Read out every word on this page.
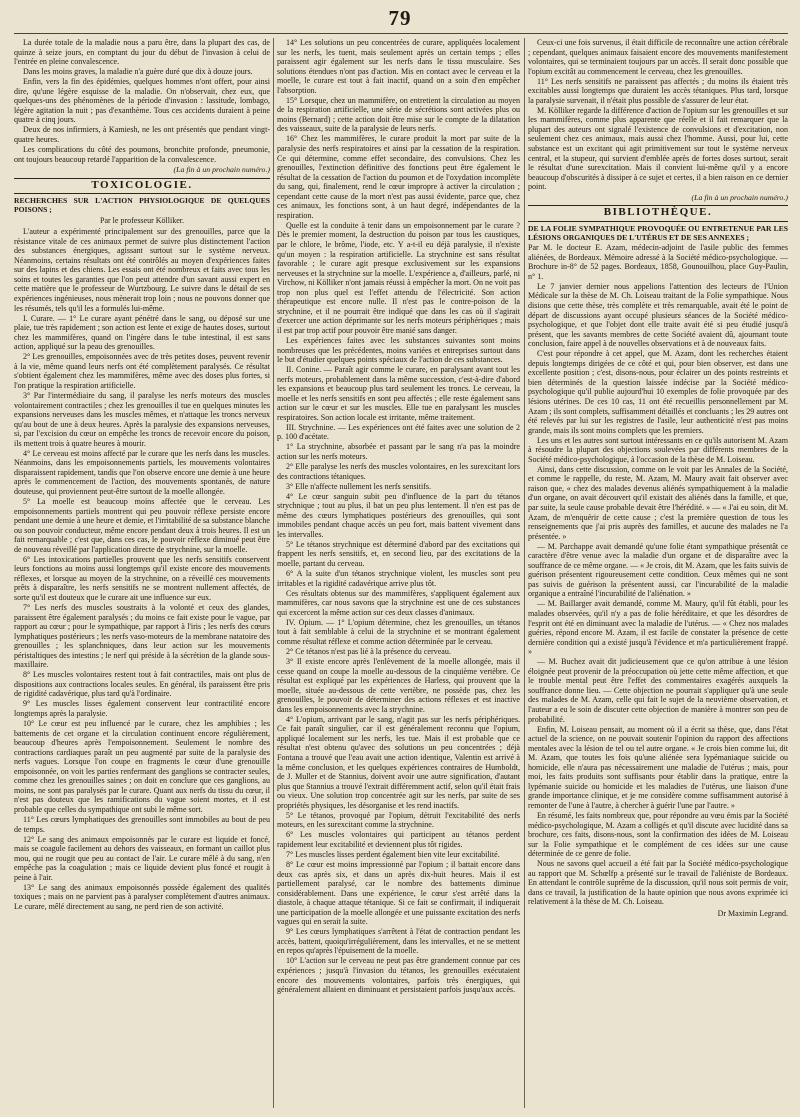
79

La durée totale de la maladie nous a paru être, dans la plupart des cas, de quinze à seize jours, en comptant du jour du début de l'invasion à celui de l'entrée en pleine convalescence.

Dans les moins graves, la maladie n'a guère duré que dix à douze jours.

Enfin, vers la fin des épidémies, quelques hommes n'ont offert, pour ainsi dire, qu'une légère esquisse de la maladie. On n'observait, chez eux, que quelques-uns des phénomènes de la période d'invasion : lassitude, lombago, légère agitation la nuit ; pas d'exanthème. Tous ces accidents duraient à peine quatre à cinq jours.

Deux de nos infirmiers, à Kamiesh, ne les ont présentés que pendant vingt-quatre heures.

Les complications du côté des poumons, bronchite profonde, pneumonie, ont toujours beaucoup retardé l'apparition de la convalescence.

(La fin à un prochain numéro.)
TOXICOLOGIE.
RECHERCHES SUR L'ACTION PHYSIOLOGIQUE DE QUELQUES POISONS ;
Par le professeur Kölliker.

L'auteur a expérimenté principalement sur des grenouilles, parce que la résistance vitale de ces animaux permet de suivre plus distinctement l'action des substances énergiques, agissant surtout sur le système nerveux. Néanmoins, certains résultats ont été contrôlés au moyen d'expériences faites sur des lapins et des chiens. Les essais ont été nombreux et faits avec tous les soins et toutes les garanties que l'on peut attendre d'un savant aussi expert en cette matière que le professeur de Wurtzbourg. Le suivre dans le détail de ses expériences ingénieuses, nous mènerait trop loin ; nous ne pouvons donner que les résumés, tels qu'il les a formulés lui-même.

I. Curare. — 1° Le curare ayant pénétré dans le sang, ou déposé sur une plaie, tue très rapidement ; son action est lente et exige de hautes doses, surtout chez les mammifères, quand on l'ingère dans le tube intestinal, il est sans action, appliqué sur la peau des grenouilles.

2° Les grenouilles, empoisonnées avec de très petites doses, peuvent revenir à la vie, même quand leurs nerfs ont été complètement paralysés. Ce résultat s'obtient également chez les mammifères, même avec des doses plus fortes, si l'on pratique la respiration artificielle.

3° Par l'intermédiaire du sang, il paralyse les nerfs moteurs des muscles volontairement contractiles ; chez les grenouilles il tue en quelques minutes les expansions nerveuses dans les muscles mêmes, et n'attaque les troncs nerveux qu'au bout de une à deux heures. Après la paralysie des expansions nerveuses, si, par l'excision du cœur on empêche les troncs de recevoir encore du poison, ils mettent trois à quatre heures à mourir.

4° Le cerveau est moins affecté par le curare que les nerfs dans les muscles. Néanmoins, dans les empoisonnements partiels, les mouvements volontaires disparaissent rapidement, tandis que l'on observe encore une demie à une heure après le commencement de l'action, des mouvements spontanés, de nature douteuse, qui proviennent peut-être surtout de la moelle allongée.

5° La moelle est beaucoup moins affectée que le cerveau. Les empoisonnements partiels montrent qui peu pouvoir réflexe persiste encore pendant une demie à une heure et demie, et l'irritabilité de sa substance blanche ou son pouvoir conducteur, même encore pendant deux à trois heures. Il est un fait remarquable ; c'est que, dans ces cas, le pouvoir réflexe diminué peut être de nouveau réveillé par l'application directe de strychnine, sur la moelle.

6° Les intoxications partielles prouvent que les nerfs sensitifs conservent leurs fonctions au moins aussi longtemps qu'il existe encore des mouvements réflexes, et lorsque au moyen de la strychnine, on a réveillé ces mouvements prêts à disparaître, les nerfs sensitifs ne se montrent nullement affectés, de sorte qu'il est douteux que le curare ait une influence sur eux.

7° Les nerfs des muscles soustraits à la volonté et ceux des glandes, paraissent être également paralysés ; du moins ce fait existe pour le vague, par rapport au cœur ; pour le sympathique, par rapport à l'iris ; les nerfs des cœurs lymphatiques postérieurs ; les nerfs vaso-moteurs de la membrane natatoire des grenouilles ; les splanchniques, dans leur action sur les mouvements péristaltiques des intestins ; le nerf qui préside à la sécrétion de la glande sous-maxillaire.

8° Les muscles volontaires restent tout à fait contractiles, mais ont plus de dispositions aux contractions locales seules. En général, ils paraissent être pris de rigidité cadavérique, plus tard qu'à l'ordinaire.

9° Les muscles lisses également conservent leur contractilité encore longtemps après la paralysie.

10° Le cœur est peu influencé par le curare, chez les amphibies ; les battements de cet organe et la circulation continuent encore régulièrement, beaucoup d'heures après l'empoisonnement. Seulement le nombre des contractions cardiaques paraît un peu augmenté par suite de la paralysie des nerfs vagues. Lorsque l'on coupe en fragments le cœur d'une grenouille empoisonnée, on voit les parties renfermant des ganglions se contracter seules, comme chez les grenouilles saines ; on doit en conclure que ces ganglions, au moins, ne sont pas paralysés par le curare. Quant aux nerfs du tissu du cœur, il n'est pas douteux que les ramifications du vague soient mortes, et il est probable que celles du sympathique ont subi le même sort.

11° Les cœurs lymphatiques des grenouilles sont immobiles au bout de peu de temps.

12° Le sang des animaux empoisonnés par le curare est liquide et foncé, mais se coagule facilement au dehors des vaisseaux, en formant un caillot plus mou, qui ne rougit que peu au contact de l'air. Le curare mêlé à du sang, n'en empêche pas la coagulation ; mais ce liquide devient plus foncé et rougit à peine à l'air.

13° Le sang des animaux empoisonnés possède également des qualités toxiques ; mais on ne parvient pas à paralyser complètement d'autres animaux. Le curare, mêlé directement au sang, ne perd rien de son activité.

14° Les solutions un peu concentrées de curare, appliquées localement sur les nerfs, les tuent, mais seulement après un certain temps ; elles paraissent agir également sur les nerfs dans le tissu musculaire. Ses solutions étendues n'ont pas d'action. Mis en contact avec le cerveau et la moelle, le curare est tout à fait inactif, quand on a soin d'en empêcher l'absorption.

15° Lorsque, chez un mammifère, on entretient la circulation au moyen de la respiration artificielle, une série de sécrétions sont activées plus ou moins (Bernard) ; cette action doit être mise sur le compte de la dilatation des vaisseaux, suite de la paralysie de leurs nerfs.

16° Chez les mammifères, le curare produit la mort par suite de la paralysie des nerfs respiratoires et ainsi par la cessation de la respiration. Ce qui détermine, comme effet secondaire, des convulsions. Chez les grenouilles, l'extinction définitive des fonctions peut être également le résultat de la cessation de l'action du poumon et de l'oxydation incomplète du sang, qui, finalement, rend le cœur impropre à activer la circulation ; cependant cette cause de la mort n'est pas aussi évidente, parce que, chez ces animaux, les fonctions sont, à un haut degré, indépendantes de la respiration.

Quelle est la conduite à tenir dans un empoisonnement par le curare ? Dès le premier moment, la destruction du poison par tous les caustiques, par le chlore, le brôme, l'iode, etc. Y a-t-il eu déjà paralysie, il n'existe qu'un moyen : la respiration artificielle. La strychnine est sans résultat favorable ; le curare agit presque exclusivement sur les expansions nerveuses et la strychnine sur la moelle. L'expérience a, d'ailleurs, parlé, ni Virchow, ni Kölliker n'ont jamais réussi à empêcher la mort. On ne voit pas trop non plus quel est l'effet attendu de l'électricité. Son action thérapeutique est encore nulle. Il n'est pas le contre-poison de la strychnine, et il ne pourrait être indiqué que dans les cas où il s'agirait d'exercer une action déprimante sur les nerfs moteurs périphériques ; mais il est par trop actif pour pouvoir être manié sans danger.

Les expériences faites avec les substances suivantes sont moins nombreuses que les précédentes, moins variées et entreprises surtout dans le but d'étudier quelques points spéciaux de l'action de ces substances.

II. Conine. — Paraît agir comme le curare, en paralysant avant tout les nerfs moteurs, probablement dans la même succession, c'est-à-dire d'abord les expansions et beaucoup plus tard seulement les troncs. Le cerveau, la moelle et les nerfs sensitifs en sont peu affectés ; elle reste également sans action sur le cœur et sur les muscles. Elle tue en paralysant les muscles respiratoires. Son action locale est irritante, même traitement.

III. Strychnine. — Les expériences ont été faites avec une solution de 2 p. 100 d'acétate.

1° La strychnine, absorbée et passant par le sang n'a pas la moindre action sur les nerfs moteurs.

2° Elle paralyse les nerfs des muscles volontaires, en les surexcitant lors des contractions tétaniques.

3° Elle n'affecte nullement les nerfs sensitifs.

4° Le cœur sanguin subit peu d'influence de la part du tétanos strychnique ; tout au plus, il bat un peu plus lentement. Il n'en est pas de même des cœurs lymphatiques postérieurs des grenouilles, qui sont immobiles pendant chaque accès un peu fort, mais battent vivement dans les intervalles.

5° Le tétanos strychnique est déterminé d'abord par des excitations qui frappent les nerfs sensitifs, et, en second lieu, par des excitations de la moelle, partant du cerveau.

6° A la suite d'un tétanos strychnique violent, les muscles sont peu irritables et la rigidité cadavérique arrive plus tôt.

Ces résultats obtenus sur des mammifères, s'appliquent également aux mammifères, car nous savons que la strychnine est une de ces substances qui excercent la même action sur ces deux classes d'animaux.

IV. Opium. — 1° L'opium détermine, chez les grenouilles, un tétanos tout à fait semblable à celui de la strychnine et se montrant également comme résultat réflexe et comme action déterminée par le cerveau.

2° Ce tétanos n'est pas lié à la présence du cerveau.

3° Il existe encore après l'enlèvement de la moelle allongée, mais il cesse quand on coupe la moelle au-dessous de la cinquième vertèbre. Ce résultat est expliqué par les expériences de Harless, qui prouvent que la moelle, située au-dessous de cette vertèbre, ne possède pas, chez les grenouilles, le pouvoir de déterminer des actions réflexes et est inactive dans les empoisonnements avec la strychnine.

4° L'opium, arrivant par le sang, n'agit pas sur les nerfs périphériques. Ce fait paraît singulier, car il est généralement reconnu que l'opium, appliqué localement sur les nerfs, les tue. Mais il est probable que ce résultat n'est obtenu qu'avec des solutions un peu concentrées ; déjà Fontana a trouvé que l'eau avait une action identique, Valentin est arrivé à la même conclusion, et les quelques expériences contraires de Humboldt, de J. Muller et de Stannius, doivent avoir une autre signification, d'autant plus que Stannius a trouvé l'extrait différemment actif, selon qu'il était frais ou vieux. Une solution trop concentrée agit sur les nerfs, par suite de ses propriétés physiques, les désorganise et les rend inactifs.

5° Le tétanos, provoqué par l'opium, détruit l'excitabilité des nerfs moteurs, en les surexcitant comme la strychnine.

6° Les muscles volontaires qui participent au tétanos perdent rapidement leur excitabilité et deviennent plus tôt rigides.

7° Les muscles lisses perdent également bien vite leur excitabilité.

8° Le cœur est moins impressionné par l'opium ; il battait encore dans deux cas après six, et dans un après dix-huit heures. Mais il est partiellement paralysé, car le nombre des battements diminue considérablement. Dans une expérience, le cœur s'est arrêté dans la diastole, à chaque attaque tétanique. Si ce fait se confirmait, il indiquerait une participation de la moelle allongée et une puissante excitation des nerfs vagues qui en serait la suite.

9° Les cœurs lymphatiques s'arrêtent à l'état de contraction pendant les accès, battent, quoiqu'irrégulièrement, dans les intervalles, et ne se mettent en repos qu'après l'épuisement de la moelle.

10° L'action sur le cerveau ne peut pas être grandement connue par ces expériences ; jusqu'à l'invasion du tétanos, les grenouilles exécutaient encore des mouvements volontaires, parfois très énergiques, qui généralement allaient en diminuant et persistaient parfois jusqu'aux accès.

Ceux-ci une fois survenus, il était difficile de reconnaître une action cérébrale ; cependant, quelques animaux faisaient encore des mouvements manifestement volontaires, qui se terminaient toujours par un accès. Il serait donc possible que l'opium excitât au commencement le cerveau, chez les grenouilles.

11° Les nerfs sensitifs ne paraissent pas affectés ; du moins ils étaient très excitables aussi longtemps que duraient les accès tétaniques. Plus tard, lorsque la paralysie survenait, il n'était plus possible de s'assurer de leur état.

M. Kölliker regarde la différence d'action de l'opium sur les grenouilles et sur les mammifères, comme plus apparente que réelle et il fait remarquer que la plupart des auteurs ont signalé l'existence de convulsions et d'excitation, non seulement chez ces animaux, mais aussi chez l'homme. Aussi, pour lui, cette substance est un excitant qui agit primitivement sur tout le système nerveux central, et la stupeur, qui survient d'emblée après de fortes doses surtout, serait le résultat d'une surexcitation. Mais il convient lui-même qu'il y a encore beaucoup d'obscurités à dissiper à ce sujet et certes, il a bien raison en ce dernier point.

(La fin à un prochain numéro.)
BIBLIOTHÈQUE.
DE LA FOLIE SYMPATHIQUE PROVOQUÉE OU ENTRETENUE PAR LES LÉSIONS ORGANIQUES DE L'UTÉRUS ET DE SES ANNEXES ;

Par M. le docteur E. Azam, médecin-adjoint de l'asile public des femmes aliénées, de Bordeaux. Mémoire adressé à la Société médico-psychologique. — Brochure in-8° de 52 pages. Bordeaux, 1858, Gounouilhou, place Guy-Paulin, n° 1.

Le 7 janvier dernier nous appelions l'attention des lecteurs de l'Union Médicale sur la thèse de M. Ch. Loiseau traitant de la Folie sympathique. Nous disions que cette thèse, très complète et très remarquable, avait été le point de départ de discussions ayant occupé plusieurs séances de la Société médico-psychologique, et que l'objet dont elle traite avait été si peu étudié jusqu'à présent, que les savants membres de cette Société avaient dû, ajournant toute conclusion, faire appel à de nouvelles observations et à de nouveaux faits.

C'est pour répondre à cet appel, que M. Azam, dont les recherches étaient depuis longtemps dirigées de ce côté et qui, pour bien observer, est dans une excellente position ; c'est, disons-nous, pour éclairer un des points restreints et bien déterminés de la question laissée indécise par la Société médico-psychologique qu'il publie aujourd'hui 10 exemples de folie provoquée par des lésions utérines. De ces 10 cas, 11 ont été recueillis personnellement par M. Azam ; ils sont complets, suffisamment détaillés et concluants ; les 29 autres ont été relevés par lui sur les registres de l'asile, leur authenticité n'est pas moins grande, mais ils sont moins complets que les premiers.

Les uns et les autres sont surtout intéressants en ce qu'ils autorisent M. Azam à résoudre la plupart des objections soulevées par différents membres de la Société médico-psychologique, à l'occasion de la thèse de M. Loiseau.

Ainsi, dans cette discussion, comme on le voit par les Annales de la Société, et comme le rappelle, du reste, M. Azam, M. Maury avait fait observer avec raison que, « chez des malades devenus aliénés sympathiquement à la maladie d'un organe, on avait découvert qu'il existait des aliénés dans la famille, et que, par suite, la seule cause probable devait être l'hérédité. » — « J'ai eu soin, dit M. Azam, de m'enquérir de cette cause ; c'est la première question de tous les renseignements que j'ai pris auprès des familles, et aucune des malades ne l'a présentée. »

— M. Parchappe avait demandé qu'une folie étant sympathique présentât ce caractère d'être venue avec la maladie d'un organe et de disparaître avec la souffrance de ce même organe. — « Je crois, dit M. Azam, que les faits suivis de guérison présentent rigoureusement cette condition. Ceux mêmes qui ne sont pas suivis de guérison la présentent aussi, car l'incurabilité de la maladie organique a entraîné l'incurabilité de l'aliénation. »

— M. Baillarger avait demandé, comme M. Maury, qu'il fût établi, pour les malades observées, qu'il n'y a pas de folie héréditaire, et que les désordres de l'esprit ont été en diminuant avec la maladie de l'utérus. — « Chez nos malades guéries, répond encore M. Azam, il est facile de constater la présence de cette dernière condition qui a existé jusqu'à l'évidence et m'a particulièrement frappé. »

— M. Buchez avait dit judicieusement que ce qu'on attribue à une lésion éloignée peut provenir de la préoccupation où jette cette même affection, et que le trouble mental peut être l'effet des commentaires exagérés auxquels la souffrance donne lieu. — Cette objection ne pourrait s'appliquer qu'à une seule des malades de M. Azam, celle qui fait le sujet de la neuvième observation, et l'auteur a eu le soin de discuter cette objection de manière à montrer son peu de probabilité.

Enfin, M. Loiseau pensait, au moment où il a écrit sa thèse, que, dans l'état actuel de la science, on ne pouvait soutenir l'opinion du rapport des affections mentales avec la lésion de tel ou tel autre organe. « Je crois bien comme lui, dit M. Azam, que toutes les fois qu'une aliénée sera lypémaniaque suicide ou homicide, elle n'aura pas nécessairement une maladie de l'utérus ; mais, pour moi, les faits produits sont suffisants pour établir dans la pratique, entre la lypémanie suicide ou homicide et les maladies de l'utérus, une liaison d'une grande importance clinique, et je me considère comme suffisamment autorisé à remonter de l'une à l'autre, à chercher à guérir l'une par l'autre. »

En résumé, les faits nombreux que, pour répondre au vœu émis par la Société médico-psychologique, M. Azam a colligés et qu'il discute avec lucidité dans sa brochure, ces faits, disons-nous, sont la confirmation des idées de M. Loiseau sur la Folie sympathique et le complément de ces idées sur une cause déterminée de ce genre de folie.

Nous ne savons quel accueil a été fait par la Société médico-psychologique au rapport que M. Schœlfp a présenté sur le travail de l'aliéniste de Bordeaux. En attendant le contrôle suprême de la discussion, qu'il nous soit permis de voir, dans ce travail, la justification de la haute opinion que nous avons exprimée ici relativement à la thèse de M. Ch. Loiseau.

Dr Maximin Legrand.
